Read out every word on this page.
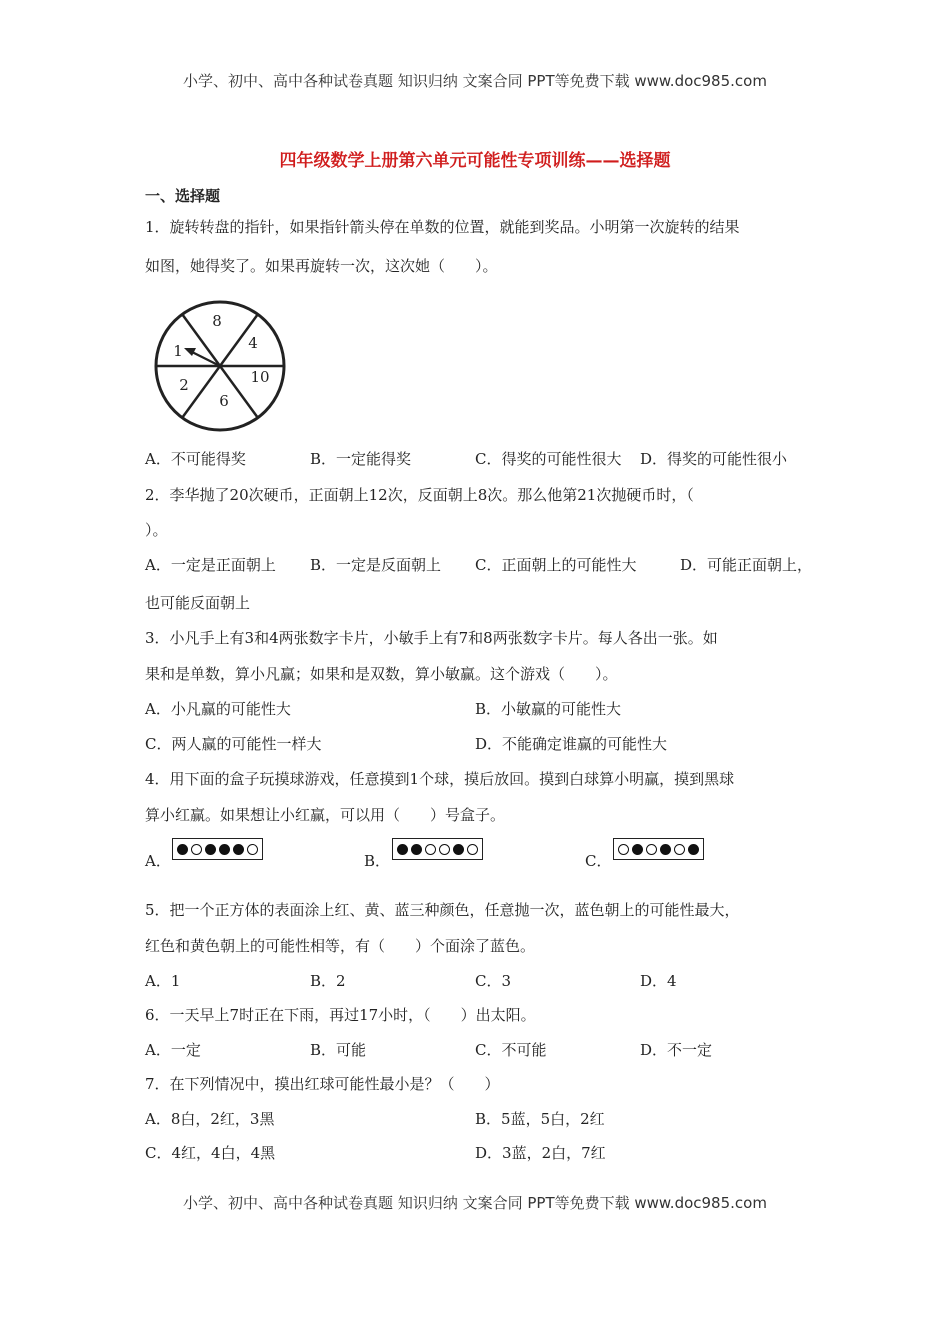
小学、初中、高中各种试卷真题 知识归纳 文案合同 PPT等免费下载 www.doc985.com
四年级数学上册第六单元可能性专项训练——选择题
一、选择题
1．旋转转盘的指针，如果指针箭头停在单数的位置，就能到奖品。小明第一次旋转的结果
如图，她得奖了。如果再旋转一次，这次她（　　）。
8
4
10
6
2
1
A．不可能得奖	B．一定能得奖	C．得奖的可能性很大 D．得奖的可能性很小
2．李华抛了20次硬币，正面朝上12次，反面朝上8次。那么他第21次抛硬币时，（
）。
A．一定是正面朝上 B．一定是反面朝上 C．正面朝上的可能性大	D．可能正面朝上，
也可能反面朝上
3．小凡手上有3和4两张数字卡片，小敏手上有7和8两张数字卡片。每人各出一张。如
果和是单数，算小凡赢；如果和是双数，算小敏赢。这个游戏（　　）。
A．小凡赢的可能性大	B．小敏赢的可能性大
C．两人赢的可能性一样大	D．不能确定谁赢的可能性大
4．用下面的盒子玩摸球游戏，任意摸到1个球，摸后放回。摸到白球算小明赢，摸到黑球
算小红赢。如果想让小红赢，可以用（　　）号盒子。
A．	B．	C．
5．把一个正方体的表面涂上红、黄、蓝三种颜色，任意抛一次，蓝色朝上的可能性最大，
红色和黄色朝上的可能性相等，有（　　）个面涂了蓝色。
A．1	B．2	C．3	D．4
6．一天早上7时正在下雨，再过17小时，（　　）出太阳。
A．一定	B．可能	C．不可能	D．不一定
7．在下列情况中，摸出红球可能性最小是？（　　）
A．8白，2红，3黑	B．5蓝，5白，2红
C．4红，4白，4黑	D．3蓝，2白，7红
小学、初中、高中各种试卷真题 知识归纳 文案合同 PPT等免费下载 www.doc985.com
